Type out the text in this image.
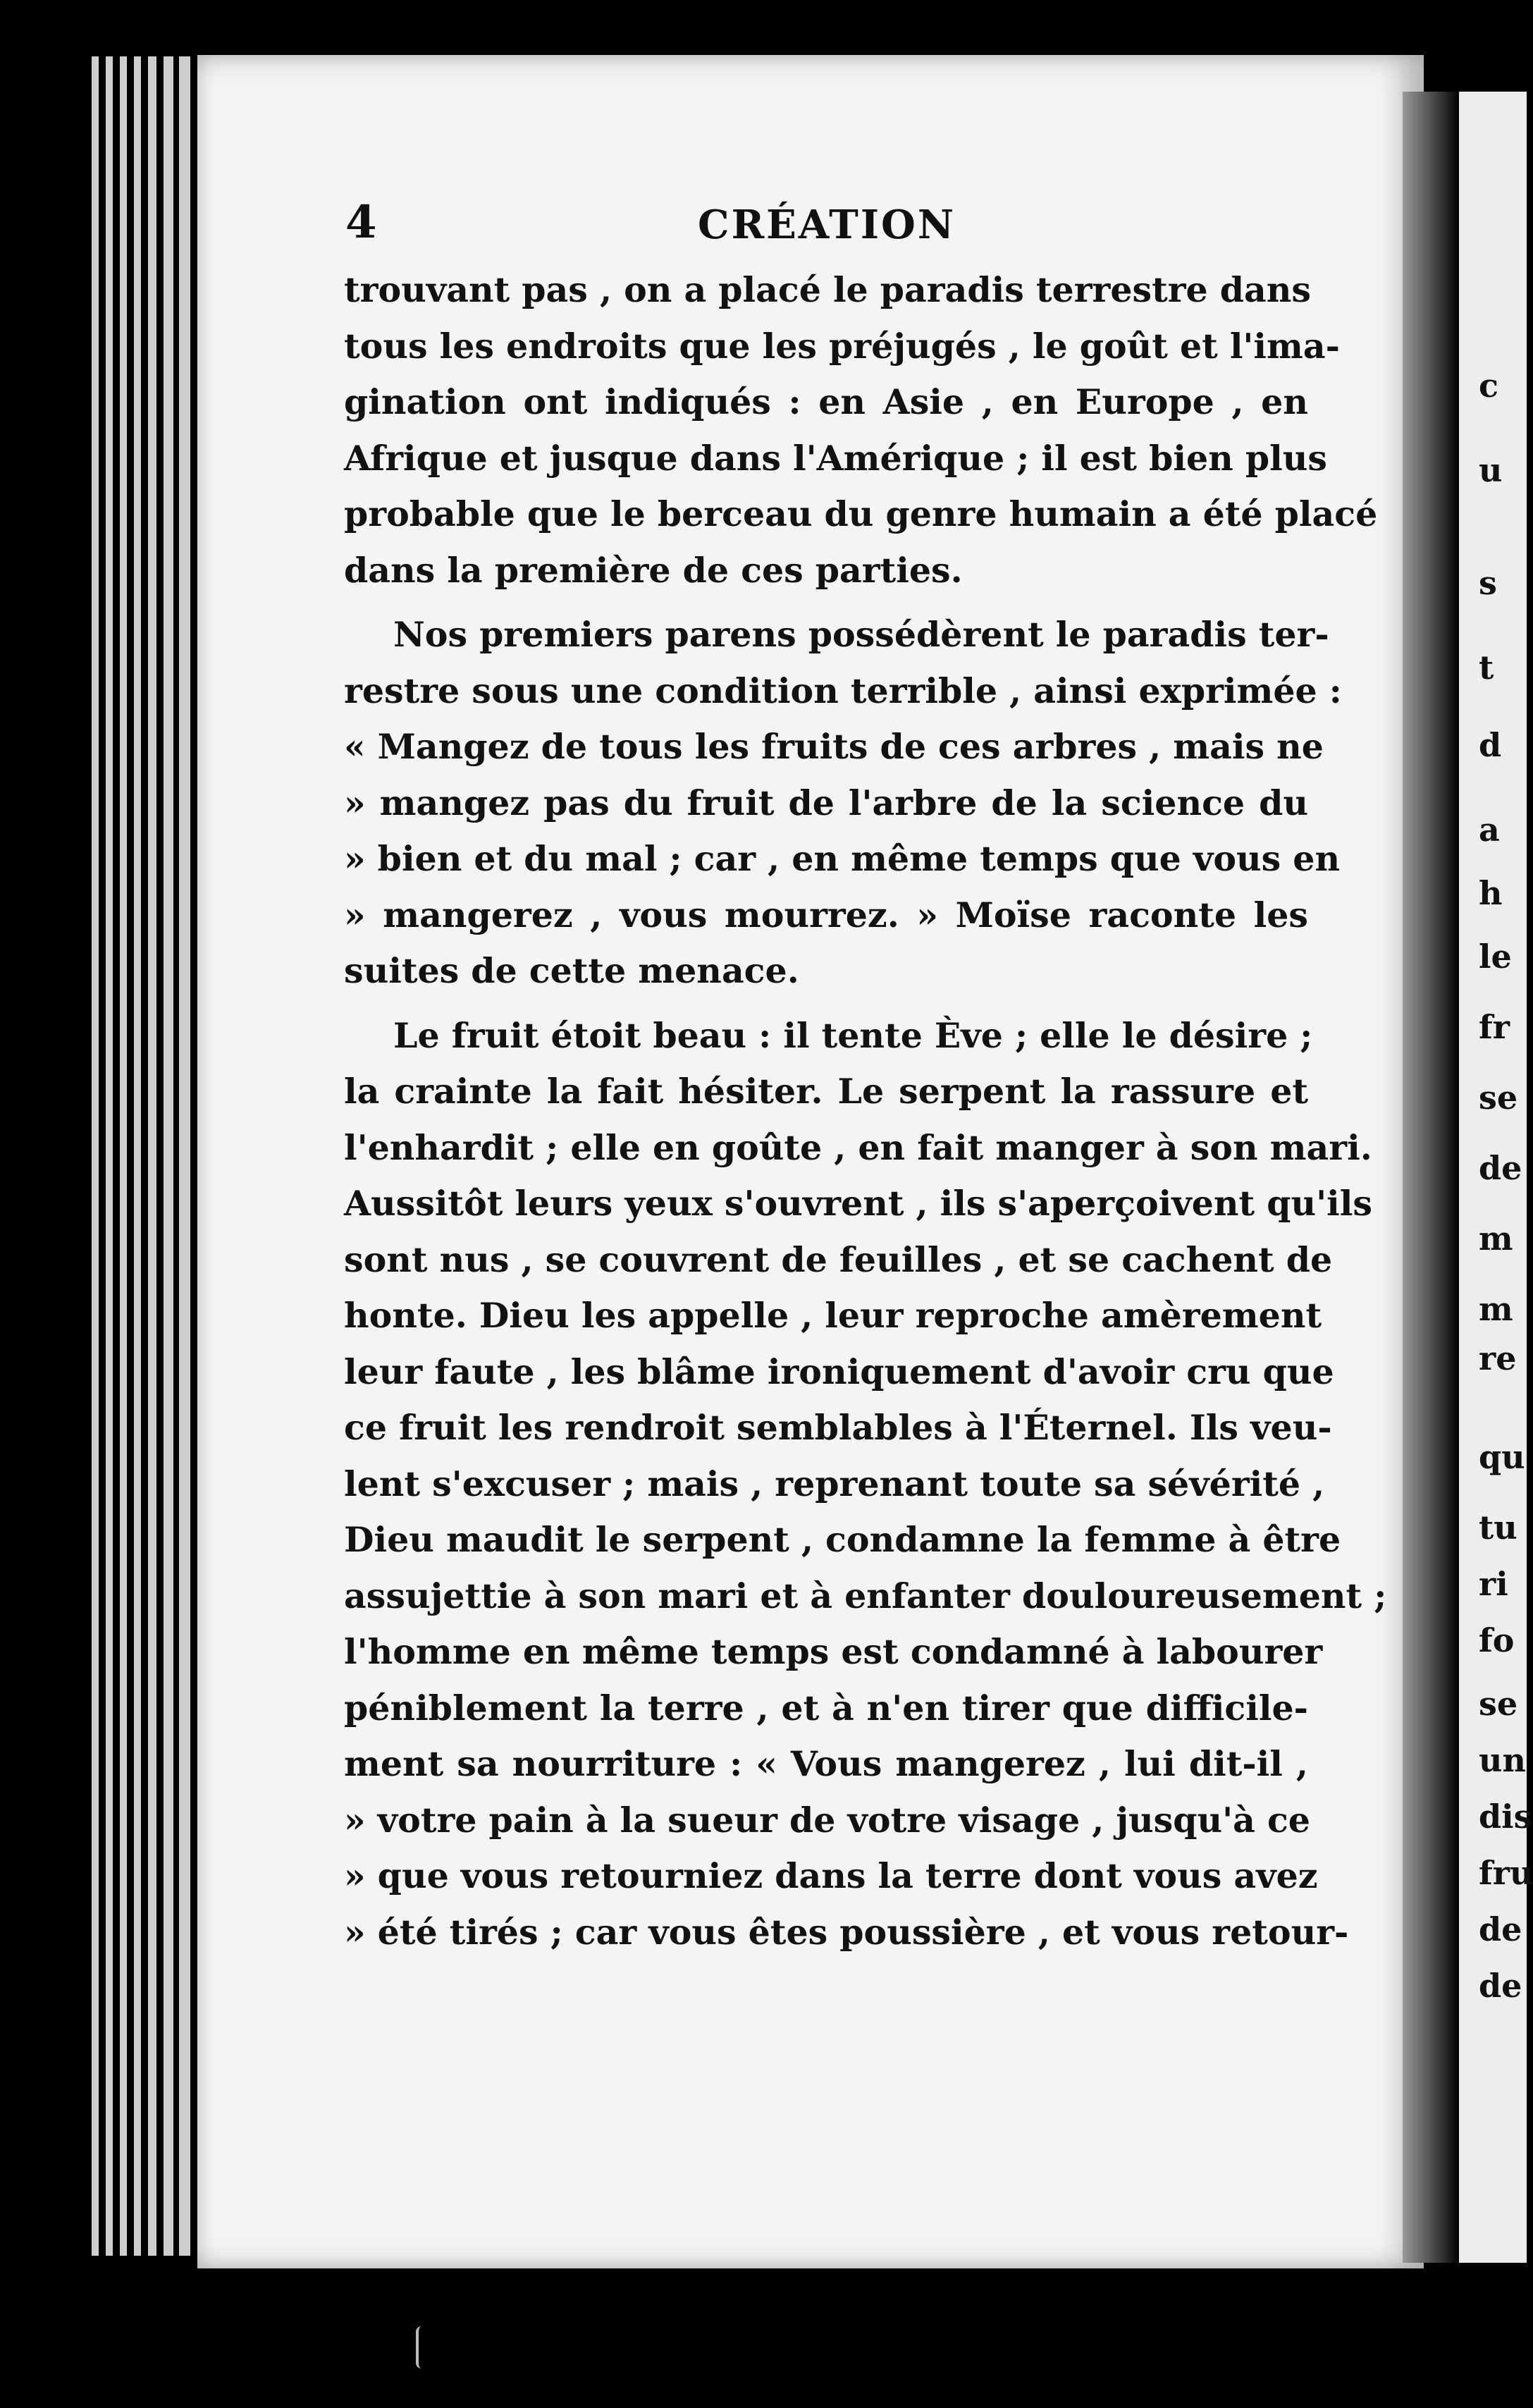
c
u
s
t
d
a
h
le
fr
se
de
m
m
re
qu
tu
ri
fo
se
un
dis
fru
de
de
4	CRÉATION
trouvant pas , on a placé le paradis terrestre dans
tous les endroits que les préjugés , le goût et l'ima-
gination ont indiqués : en Asie , en Europe , en
Afrique et jusque dans l'Amérique ; il est bien plus
probable que le berceau du genre humain a été placé
dans la première de ces parties.
Nos premiers parens possédèrent le paradis ter-
restre sous une condition terrible , ainsi exprimée :
« Mangez de tous les fruits de ces arbres , mais ne
» mangez pas du fruit de l'arbre de la science du
» bien et du mal ; car , en même temps que vous en
» mangerez , vous mourrez. » Moïse raconte les
suites de cette menace.
Le fruit étoit beau : il tente Ève ; elle le désire ;
la crainte la fait hésiter. Le serpent la rassure et
l'enhardit ; elle en goûte , en fait manger à son mari.
Aussitôt leurs yeux s'ouvrent , ils s'aperçoivent qu'ils
sont nus , se couvrent de feuilles , et se cachent de
honte. Dieu les appelle , leur reproche amèrement
leur faute , les blâme ironiquement d'avoir cru que
ce fruit les rendroit semblables à l'Éternel. Ils veu-
lent s'excuser ; mais , reprenant toute sa sévérité ,
Dieu maudit le serpent , condamne la femme à être
assujettie à son mari et à enfanter douloureusement ;
l'homme en même temps est condamné à labourer
péniblement la terre , et à n'en tirer que difficile-
ment sa nourriture : « Vous mangerez , lui dit-il ,
» votre pain à la sueur de votre visage , jusqu'à ce
» que vous retourniez dans la terre dont vous avez
» été tirés ; car vous êtes poussière , et vous retour-
